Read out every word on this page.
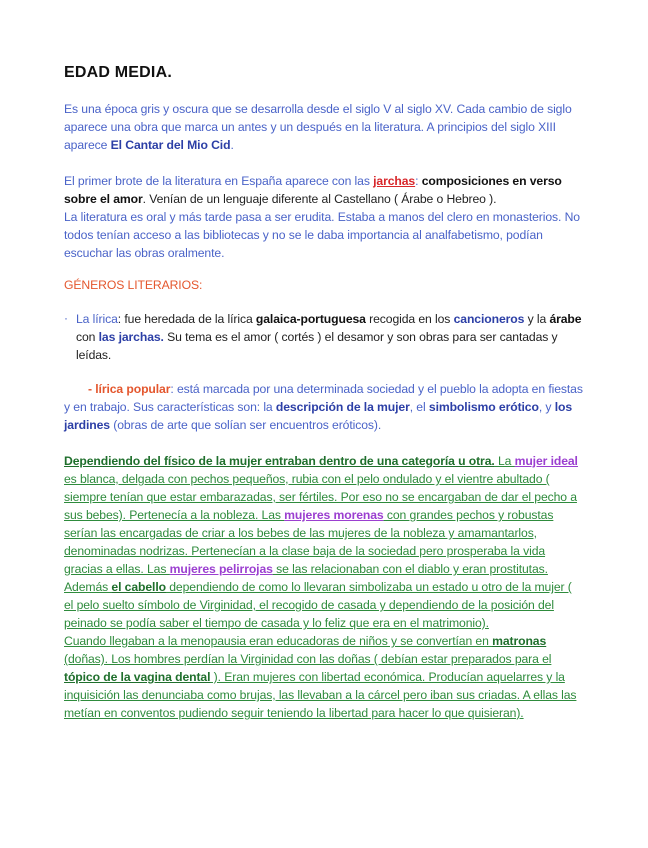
EDAD MEDIA.

Es una época gris y oscura que se desarrolla desde el siglo V al siglo XV. Cada cambio de siglo aparece una obra que marca un antes y un después en la literatura. A principios del siglo XIII aparece El Cantar del Mio Cid.

El primer brote de la literatura en España aparece con las jarchas: composiciones en verso sobre el amor. Venían de un lenguaje diferente al Castellano ( Árabe o Hebreo ).
La literatura es oral y más tarde pasa a ser erudita. Estaba a manos del clero en monasterios. No todos tenían acceso a las bibliotecas y no se le daba importancia al analfabetismo, podían escuchar las obras oralmente.

GÉNEROS LITERARIOS:
· La lírica: fue heredada de la lírica galaica-portuguesa recogida en los cancioneros y la árabe con las jarchas. Su tema es el amor ( cortés ) el desamor y son obras para ser cantadas y leídas.

- lírica popular: está marcada por una determinada sociedad y el pueblo la adopta en fiestas y en trabajo. Sus características son: la descripción de la mujer, el simbolismo erótico, y los jardines (obras de arte que solían ser encuentros eróticos).

Dependiendo del físico de la mujer entraban dentro de una categoría u otra. La mujer ideal es blanca, delgada con pechos pequeños, rubia con el pelo ondulado y el vientre abultado ( siempre tenían que estar embarazadas, ser fértiles. Por eso no se encargaban de dar el pecho a sus bebes). Pertenecía a la nobleza. Las mujeres morenas con grandes pechos y robustas serían las encargadas de criar a los bebes de las mujeres de la nobleza y amamantarlos, denominadas nodrizas. Pertenecían a la clase baja de la sociedad pero prosperaba la vida gracias a ellas. Las mujeres pelirrojas se las relacionaban con el diablo y eran prostitutas.
Además el cabello dependiendo de como lo llevaran simbolizaba un estado u otro de la mujer ( el pelo suelto símbolo de Virginidad, el recogido de casada y dependiendo de la posición del peinado se podía saber el tiempo de casada y lo feliz que era en el matrimonio).
Cuando llegaban a la menopausia eran educadoras de niños y se convertían en matronas (doñas). Los hombres perdían la Virginidad con las doñas ( debían estar preparados para el tópico de la vagina dental ). Eran mujeres con libertad económica. Producían aquelarres y la inquisición las denunciaba como brujas, las llevaban a la cárcel pero iban sus criadas. A ellas las metían en conventos pudiendo seguir teniendo la libertad para hacer lo que quisieran).
